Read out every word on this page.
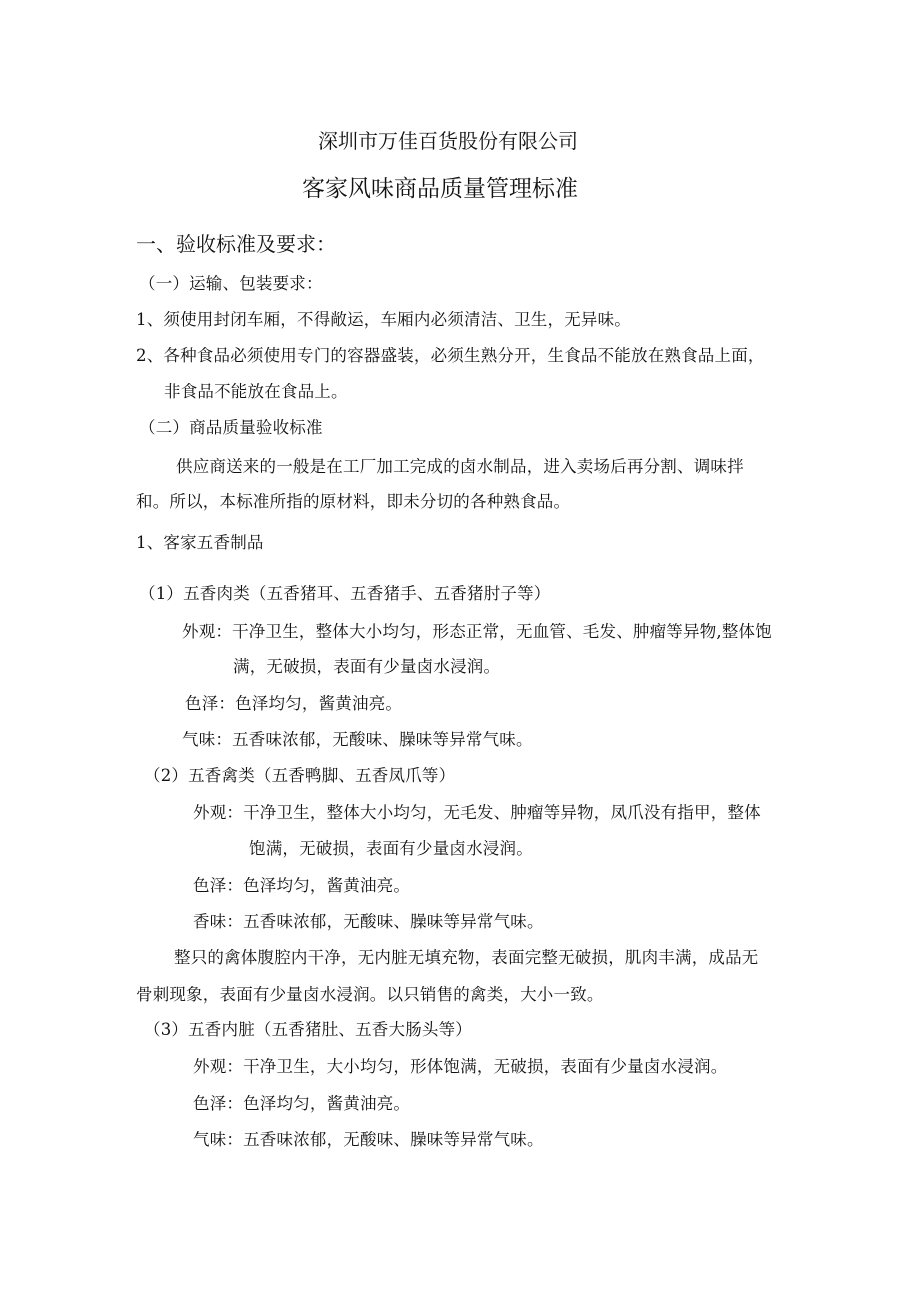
深圳市万佳百货股份有限公司
客家风味商品质量管理标准
一、验收标准及要求：
（一）运输、包装要求：
1、须使用封闭车厢，不得敞运，车厢内必须清洁、卫生，无异味。
2、各种食品必须使用专门的容器盛装，必须生熟分开，生食品不能放在熟食品上面，
非食品不能放在食品上。
（二）商品质量验收标准
供应商送来的一般是在工厂加工完成的卤水制品，进入卖场后再分割、调味拌
和。所以，本标准所指的原材料，即未分切的各种熟食品。
1、客家五香制品
（1）五香肉类（五香猪耳、五香猪手、五香猪肘子等）
外观：干净卫生，整体大小均匀，形态正常，无血管、毛发、肿瘤等异物,整体饱
满，无破损，表面有少量卤水浸润。
色泽：色泽均匀，酱黄油亮。
气味：五香味浓郁，无酸味、臊味等异常气味。
（2）五香禽类（五香鸭脚、五香凤爪等）
外观：干净卫生，整体大小均匀，无毛发、肿瘤等异物，凤爪没有指甲，整体
饱满，无破损，表面有少量卤水浸润。
色泽：色泽均匀，酱黄油亮。
香味：五香味浓郁，无酸味、臊味等异常气味。
整只的禽体腹腔内干净，无内脏无填充物，表面完整无破损，肌肉丰满，成品无
骨刺现象，表面有少量卤水浸润。以只销售的禽类，大小一致。
（3）五香内脏（五香猪肚、五香大肠头等）
外观：干净卫生，大小均匀，形体饱满，无破损，表面有少量卤水浸润。
色泽：色泽均匀，酱黄油亮。
气味：五香味浓郁，无酸味、臊味等异常气味。
